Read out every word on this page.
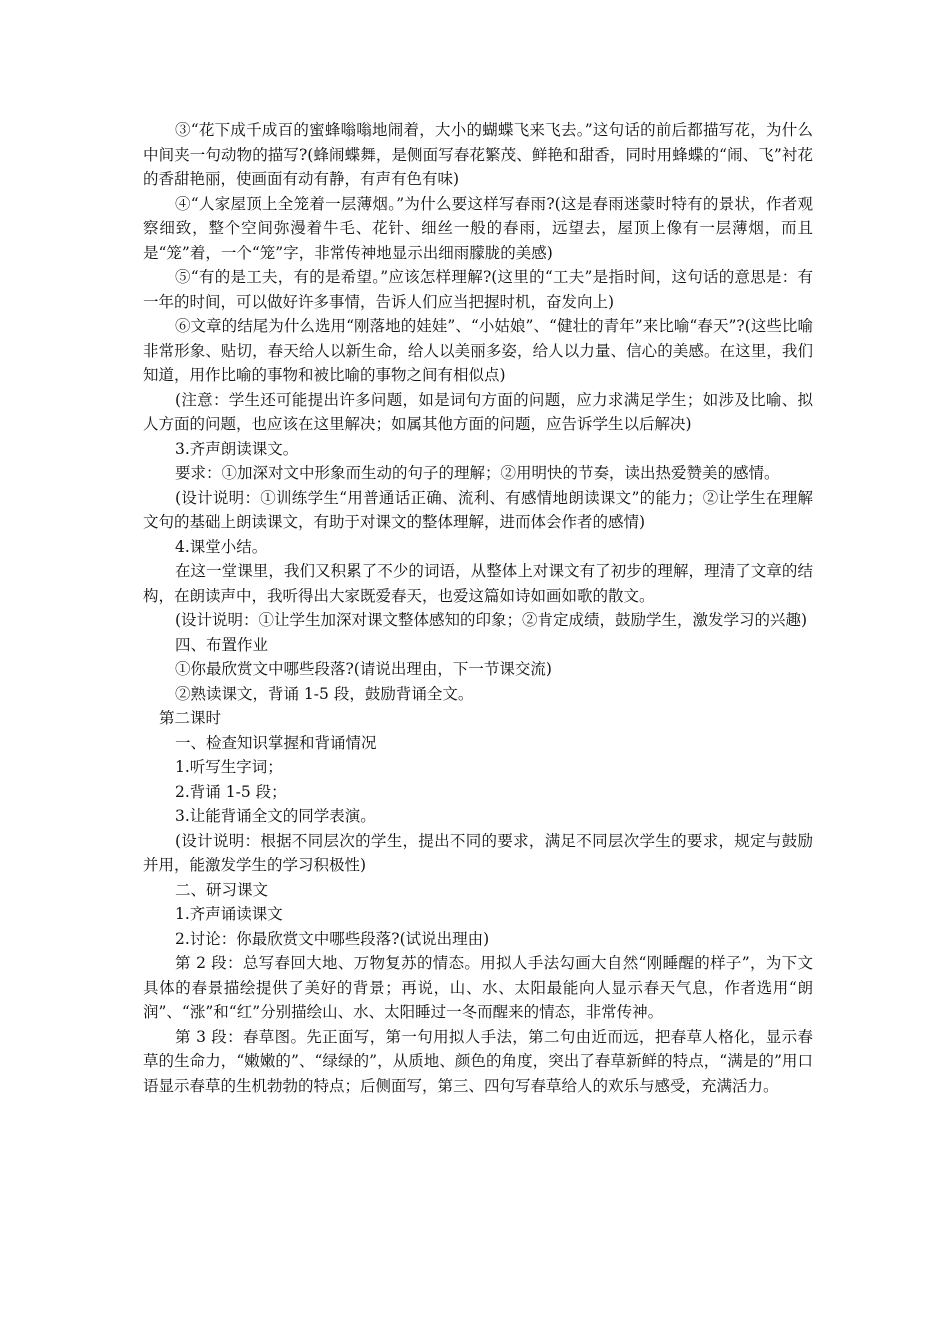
③“花下成千成百的蜜蜂嗡嗡地闹着，大小的蝴蝶飞来飞去。”这句话的前后都描写花，为什么中间夹一句动物的描写?(蜂闹蝶舞，是侧面写春花繁茂、鲜艳和甜香，同时用蜂蝶的“闹、飞”衬花的香甜艳丽，使画面有动有静，有声有色有味)

④“人家屋顶上全笼着一层薄烟。”为什么要这样写春雨?(这是春雨迷蒙时特有的景状，作者观察细致，整个空间弥漫着牛毛、花针、细丝一般的春雨，远望去，屋顶上像有一层薄烟，而且是“笼”着，一个“笼”字，非常传神地显示出细雨朦胧的美感)

⑤“有的是工夫，有的是希望。”应该怎样理解?(这里的“工夫”是指时间，这句话的意思是：有一年的时间，可以做好许多事情，告诉人们应当把握时机，奋发向上)

⑥文章的结尾为什么选用“刚落地的娃娃”、“小姑娘”、“健壮的青年”来比喻“春天”?(这些比喻非常形象、贴切，春天给人以新生命，给人以美丽多姿，给人以力量、信心的美感。在这里，我们知道，用作比喻的事物和被比喻的事物之间有相似点)

(注意：学生还可能提出许多问题，如是词句方面的问题，应力求满足学生；如涉及比喻、拟人方面的问题，也应该在这里解决；如属其他方面的问题，应告诉学生以后解决)

3.齐声朗读课文。

要求：①加深对文中形象而生动的句子的理解；②用明快的节奏，读出热爱赞美的感情。

(设计说明：①训练学生“用普通话正确、流利、有感情地朗读课文”的能力；②让学生在理解文句的基础上朗读课文，有助于对课文的整体理解，进而体会作者的感情)

4.课堂小结。

在这一堂课里，我们又积累了不少的词语，从整体上对课文有了初步的理解，理清了文章的结构，在朗读声中，我听得出大家既爱春天，也爱这篇如诗如画如歌的散文。

(设计说明：①让学生加深对课文整体感知的印象；②肯定成绩，鼓励学生，激发学习的兴趣)

四、布置作业

①你最欣赏文中哪些段落?(请说出理由，下一节课交流)

②熟读课文，背诵 1-5 段，鼓励背诵全文。

第二课时

一、检查知识掌握和背诵情况

1.听写生字词；

2.背诵 1-5 段；

3.让能背诵全文的同学表演。

(设计说明：根据不同层次的学生，提出不同的要求，满足不同层次学生的要求，规定与鼓励并用，能激发学生的学习积极性)

二、研习课文

1.齐声诵读课文

2.讨论：你最欣赏文中哪些段落?(试说出理由)

第 2 段：总写春回大地、万物复苏的情态。用拟人手法勾画大自然“刚睡醒的样子”，为下文具体的春景描绘提供了美好的背景；再说，山、水、太阳最能向人显示春天气息，作者选用“朗润”、“涨”和“红”分别描绘山、水、太阳睡过一冬而醒来的情态，非常传神。

第 3 段：春草图。先正面写，第一句用拟人手法，第二句由近而远，把春草人格化，显示春草的生命力，“嫩嫩的”、“绿绿的”，从质地、颜色的角度，突出了春草新鲜的特点，“满是的”用口语显示春草的生机勃勃的特点；后侧面写，第三、四句写春草给人的欢乐与感受，充满活力。
